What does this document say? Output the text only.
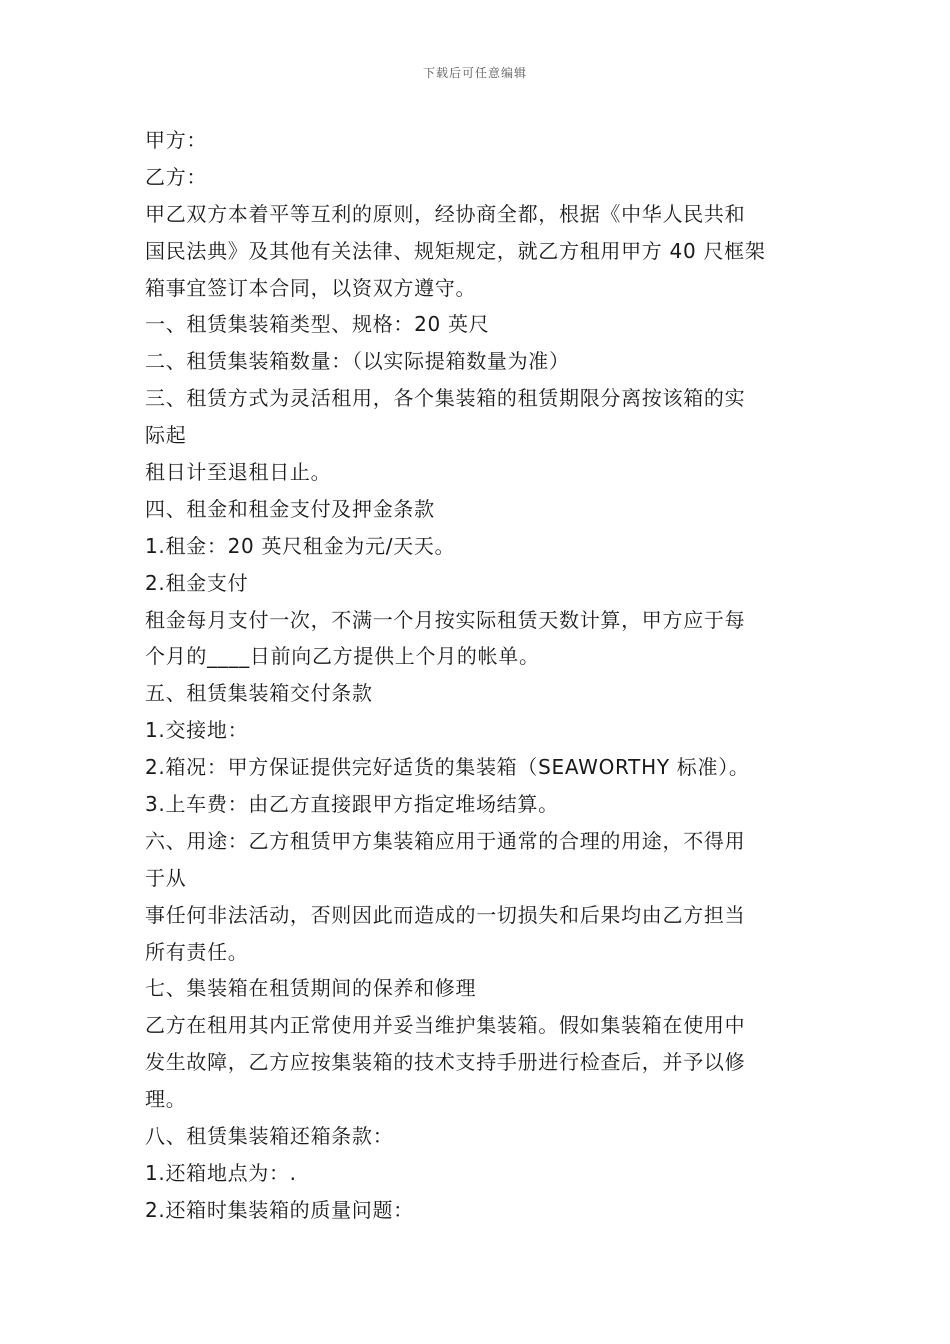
下载后可任意编辑
甲方：
乙方：
甲乙双方本着平等互利的原则，经协商全都，根据《中华人民共和
国民法典》及其他有关法律、规矩规定，就乙方租用甲方 40 尺框架
箱事宜签订本合同，以资双方遵守。
一、租赁集装箱类型、规格：20 英尺
二、租赁集装箱数量：（以实际提箱数量为准）
三、租赁方式为灵活租用，各个集装箱的租赁期限分离按该箱的实
际起
租日计至退租日止。
四、租金和租金支付及押金条款
1.租金：20 英尺租金为元/天天。
2.租金支付
租金每月支付一次，不满一个月按实际租赁天数计算，甲方应于每
个月的____日前向乙方提供上个月的帐单。
五、租赁集装箱交付条款
1.交接地：
2.箱况：甲方保证提供完好适货的集装箱（SEAWORTHY 标准）。
3.上车费：由乙方直接跟甲方指定堆场结算。
六、用途：乙方租赁甲方集装箱应用于通常的合理的用途，不得用
于从
事任何非法活动，否则因此而造成的一切损失和后果均由乙方担当
所有责任。
七、集装箱在租赁期间的保养和修理
乙方在租用其内正常使用并妥当维护集装箱。假如集装箱在使用中
发生故障，乙方应按集装箱的技术支持手册进行检查后，并予以修
理。
八、租赁集装箱还箱条款：
1.还箱地点为：.
2.还箱时集装箱的质量问题：
